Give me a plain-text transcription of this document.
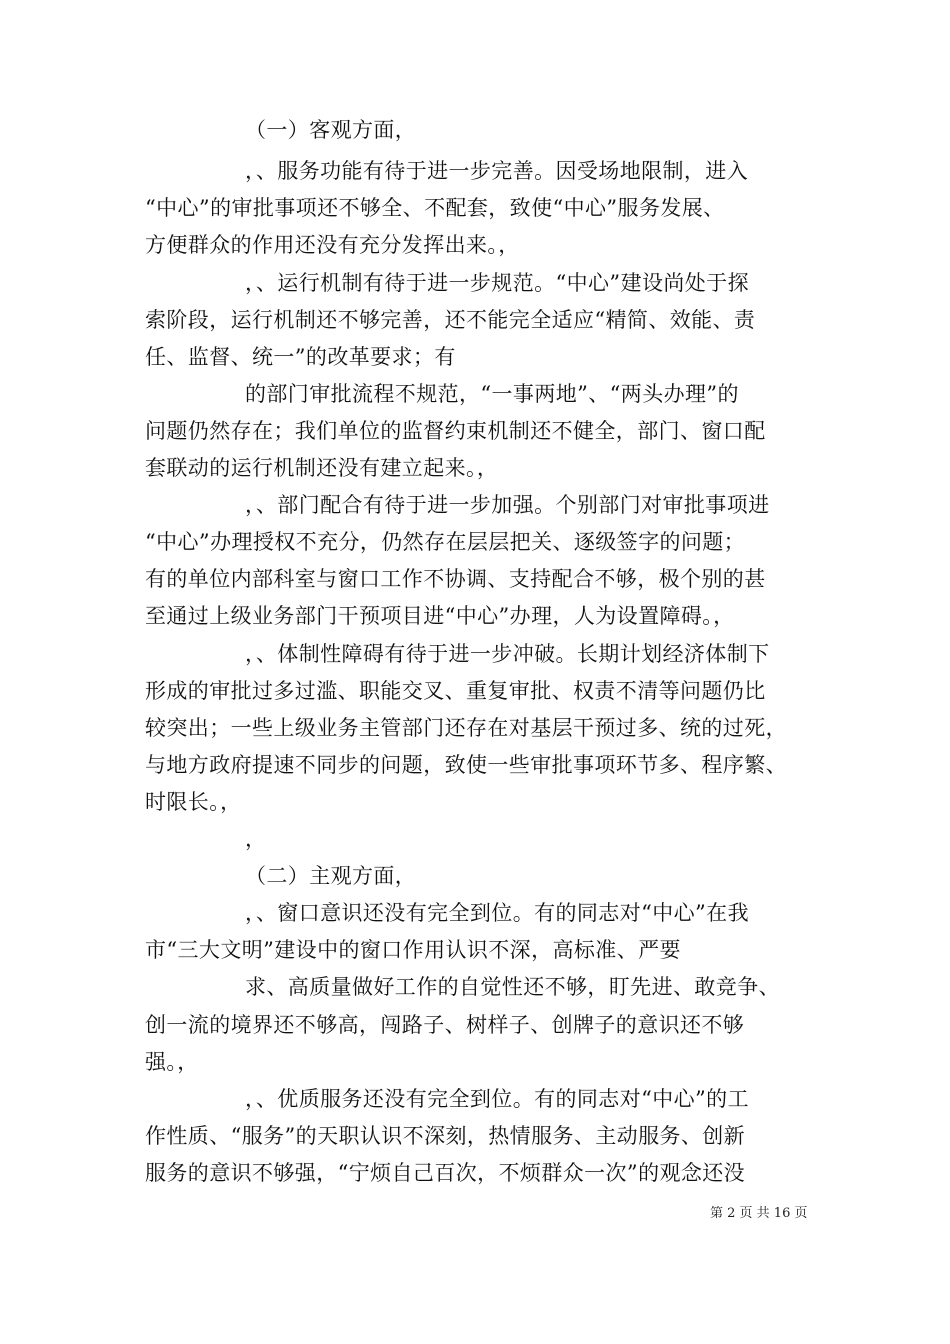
（一）客观方面，
，、服务功能有待于进一步完善。因受场地限制，进入
“中心”的审批事项还不够全、不配套，致使“中心”服务发展、
方便群众的作用还没有充分发挥出来。，
，、运行机制有待于进一步规范。“中心”建设尚处于探
索阶段，运行机制还不够完善，还不能完全适应“精简、效能、责
任、监督、统一”的改革要求；有
的部门审批流程不规范，“一事两地”、“两头办理”的
问题仍然存在；我们单位的监督约束机制还不健全，部门、窗口配
套联动的运行机制还没有建立起来。，
，、部门配合有待于进一步加强。个别部门对审批事项进
“中心”办理授权不充分，仍然存在层层把关、逐级签字的问题；
有的单位内部科室与窗口工作不协调、支持配合不够，极个别的甚
至通过上级业务部门干预项目进“中心”办理，人为设置障碍。，
，、体制性障碍有待于进一步冲破。长期计划经济体制下
形成的审批过多过滥、职能交叉、重复审批、权责不清等问题仍比
较突出；一些上级业务主管部门还存在对基层干预过多、统的过死，
与地方政府提速不同步的问题，致使一些审批事项环节多、程序繁、
时限长。，
，
（二）主观方面，
，、窗口意识还没有完全到位。有的同志对“中心”在我
市“三大文明”建设中的窗口作用认识不深，高标准、严要
求、高质量做好工作的自觉性还不够，盯先进、敢竞争、
创一流的境界还不够高，闯路子、树样子、创牌子的意识还不够
强。，
，、优质服务还没有完全到位。有的同志对“中心”的工
作性质、“服务”的天职认识不深刻，热情服务、主动服务、创新
服务的意识不够强，“宁烦自己百次，不烦群众一次”的观念还没
第 2 页 共 16 页
